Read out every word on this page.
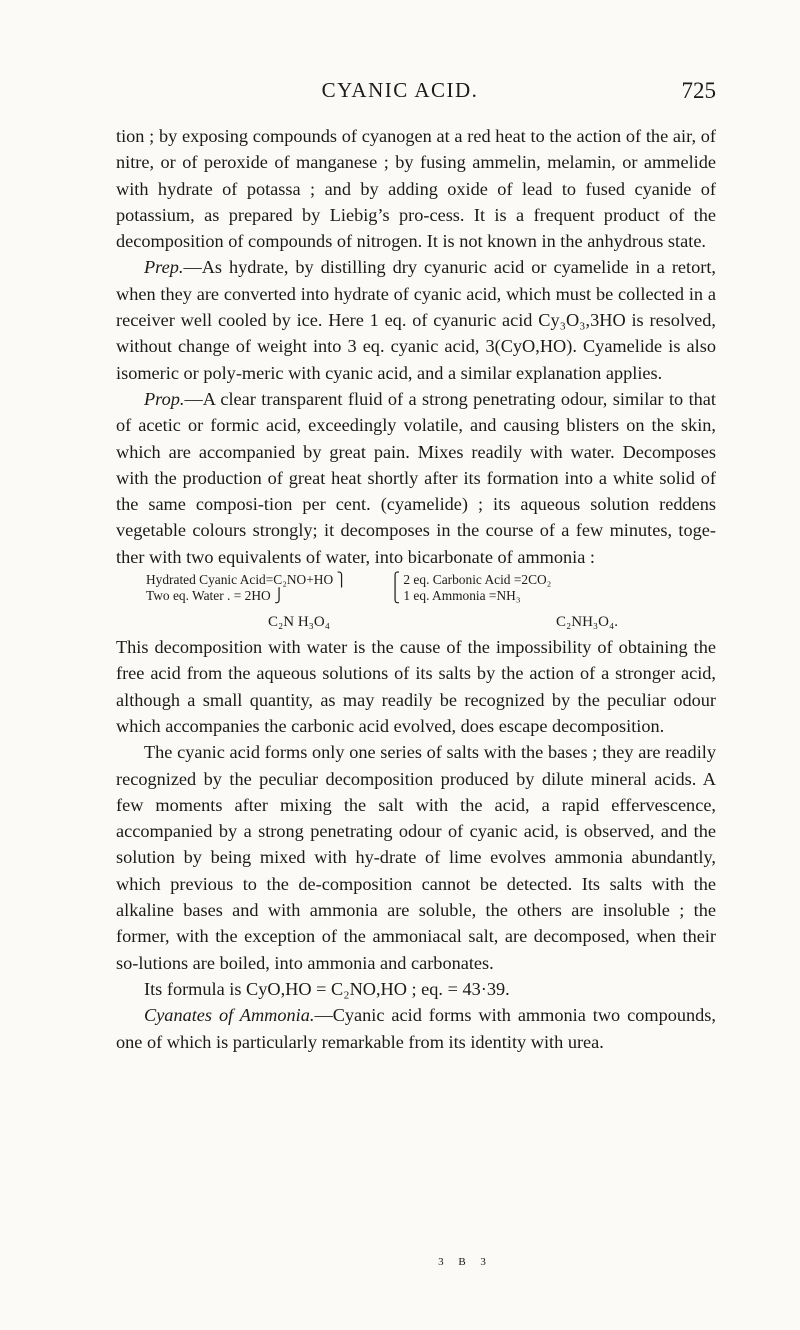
CYANIC ACID.	725

tion ; by exposing compounds of cyanogen at a red heat to the action of the air, of nitre, or of peroxide of manganese ; by fusing ammelin, melamin, or ammelide with hydrate of potassa ; and by adding oxide of lead to fused cyanide of potassium, as prepared by Liebig’s pro-cess. It is a frequent product of the decomposition of compounds of nitrogen. It is not known in the anhydrous state.

Prep.—As hydrate, by distilling dry cyanuric acid or cyamelide in a retort, when they are converted into hydrate of cyanic acid, which must be collected in a receiver well cooled by ice. Here 1 eq. of cyanuric acid Cy₃O₃,3HO is resolved, without change of weight into 3 eq. cyanic acid, 3(CyO,HO). Cyamelide is also isomeric or poly-meric with cyanic acid, and a similar explanation applies.

Prop.—A clear transparent fluid of a strong penetrating odour, similar to that of acetic or formic acid, exceedingly volatile, and causing blisters on the skin, which are accompanied by great pain. Mixes readily with water. Decomposes with the production of great heat shortly after its formation into a white solid of the same composi-tion per cent. (cyamelide) ; its aqueous solution reddens vegetable colours strongly; it decomposes in the course of a few minutes, toge-ther with two equivalents of water, into bicarbonate of ammonia :

Hydrated Cyanic Acid=C₂NO+HO ⎫	⎧ 2 eq. Carbonic Acid =2CO₂
Two eq. Water . = 2HO ⎭	⎩ 1 eq. Ammonia =NH₃
C₂N H₃O₄	C₂NH₃O₄.

This decomposition with water is the cause of the impossibility of obtaining the free acid from the aqueous solutions of its salts by the action of a stronger acid, although a small quantity, as may readily be recognized by the peculiar odour which accompanies the carbonic acid evolved, does escape decomposition.

The cyanic acid forms only one series of salts with the bases ; they are readily recognized by the peculiar decomposition produced by dilute mineral acids. A few moments after mixing the salt with the acid, a rapid effervescence, accompanied by a strong penetrating odour of cyanic acid, is observed, and the solution by being mixed with hy-drate of lime evolves ammonia abundantly, which previous to the de-composition cannot be detected. Its salts with the alkaline bases and with ammonia are soluble, the others are insoluble ; the former, with the exception of the ammoniacal salt, are decomposed, when their so-lutions are boiled, into ammonia and carbonates.

Its formula is CyO,HO = C₂NO,HO ; eq. = 43·39.

Cyanates of Ammonia.—Cyanic acid forms with ammonia two compounds, one of which is particularly remarkable from its identity with urea.

3 B 3
